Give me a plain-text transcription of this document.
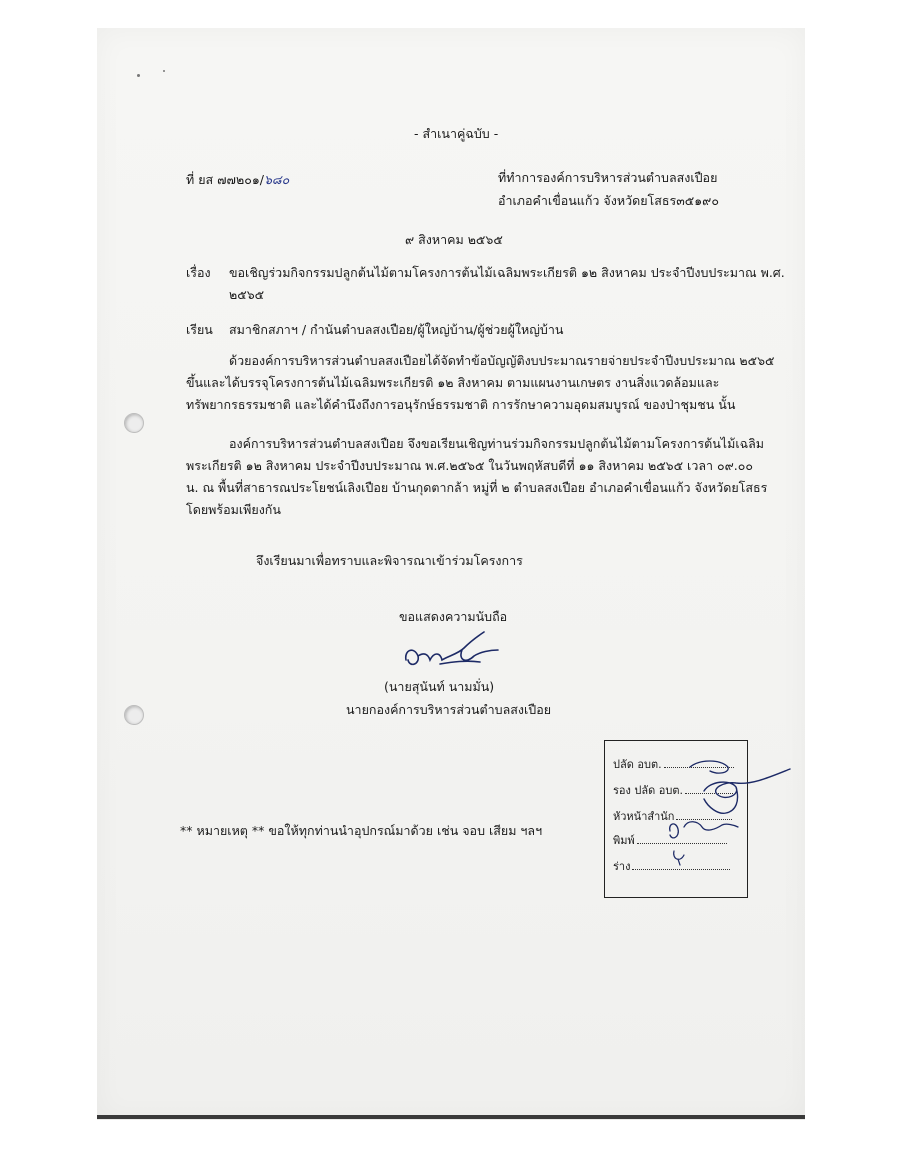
- สำเนาคู่ฉบับ -
ที่ ยส ๗๗๒๐๑/๖๘๐	ที่ทำการองค์การบริหารส่วนตำบลสงเปือย
อำเภอคำเขื่อนแก้ว จังหวัดยโสธร๓๕๑๙๐
๙ สิงหาคม ๒๕๖๕
เรื่อง ขอเชิญร่วมกิจกรรมปลูกต้นไม้ตามโครงการต้นไม้เฉลิมพระเกียรติ ๑๒ สิงหาคม ประจำปีงบประมาณ พ.ศ.
๒๕๖๕
เรียน สมาชิกสภาฯ / กำนันตำบลสงเปือย/ผู้ใหญ่บ้าน/ผู้ช่วยผู้ใหญ่บ้าน
ด้วยองค์การบริหารส่วนตำบลสงเปือยได้จัดทำข้อบัญญัติงบประมาณรายจ่ายประจำปีงบประมาณ ๒๕๖๕
ขึ้นและได้บรรจุโครงการต้นไม้เฉลิมพระเกียรติ ๑๒ สิงหาคม ตามแผนงานเกษตร งานสิ่งแวดล้อมและ
ทรัพยากรธรรมชาติ และได้คำนึงถึงการอนุรักษ์ธรรมชาติ การรักษาความอุดมสมบูรณ์ ของป่าชุมชน นั้น
องค์การบริหารส่วนตำบลสงเปือย จึงขอเรียนเชิญท่านร่วมกิจกรรมปลูกต้นไม้ตามโครงการต้นไม้เฉลิม
พระเกียรติ ๑๒ สิงหาคม ประจำปีงบประมาณ พ.ศ.๒๕๖๕ ในวันพฤหัสบดีที่ ๑๑ สิงหาคม ๒๕๖๕ เวลา ๐๙.๐๐
น. ณ พื้นที่สาธารณประโยชน์เลิงเปือย บ้านกุดตากล้า หมู่ที่ ๒ ตำบลสงเปือย อำเภอคำเขื่อนแก้ว จังหวัดยโสธร
โดยพร้อมเพียงกัน
จึงเรียนมาเพื่อทราบและพิจารณาเข้าร่วมโครงการ
ขอแสดงความนับถือ
(นายสุนันท์ นามมั่น)
นายกองค์การบริหารส่วนตำบลสงเปือย
** หมายเหตุ ** ขอให้ทุกท่านนำอุปกรณ์มาด้วย เช่น จอบ เสียม ฯลฯ
ปลัด อบต.
รอง ปลัด อบต.
หัวหน้าสำนัก
พิมพ์
ร่าง
